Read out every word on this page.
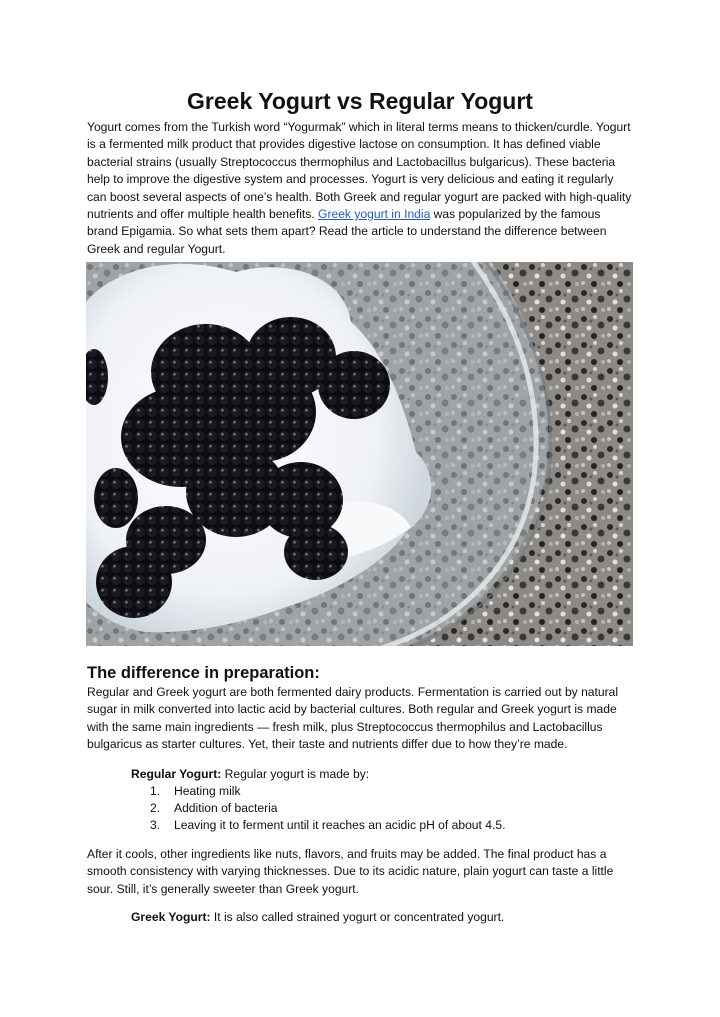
Greek Yogurt vs Regular Yogurt

Yogurt comes from the Turkish word “Yogurmak” which in literal terms means to thicken/curdle. Yogurt is a fermented milk product that provides digestive lactose on consumption. It has defined viable bacterial strains (usually Streptococcus thermophilus and Lactobacillus bulgaricus). These bacteria help to improve the digestive system and processes. Yogurt is very delicious and eating it regularly can boost several aspects of one’s health. Both Greek and regular yogurt are packed with high-quality nutrients and offer multiple health benefits. Greek yogurt in India was popularized by the famous brand Epigamia. So what sets them apart? Read the article to understand the difference between Greek and regular Yogurt.

The difference in preparation:

Regular and Greek yogurt are both fermented dairy products. Fermentation is carried out by natural sugar in milk converted into lactic acid by bacterial cultures. Both regular and Greek yogurt is made with the same main ingredients — fresh milk, plus Streptococcus thermophilus and Lactobacillus bulgaricus as starter cultures. Yet, their taste and nutrients differ due to how they’re made.

Regular Yogurt: Regular yogurt is made by:

1. Heating milk
2. Addition of bacteria
3. Leaving it to ferment until it reaches an acidic pH of about 4.5.

After it cools, other ingredients like nuts, flavors, and fruits may be added. The final product has a smooth consistency with varying thicknesses. Due to its acidic nature, plain yogurt can taste a little sour. Still, it’s generally sweeter than Greek yogurt.

Greek Yogurt: It is also called strained yogurt or concentrated yogurt.
